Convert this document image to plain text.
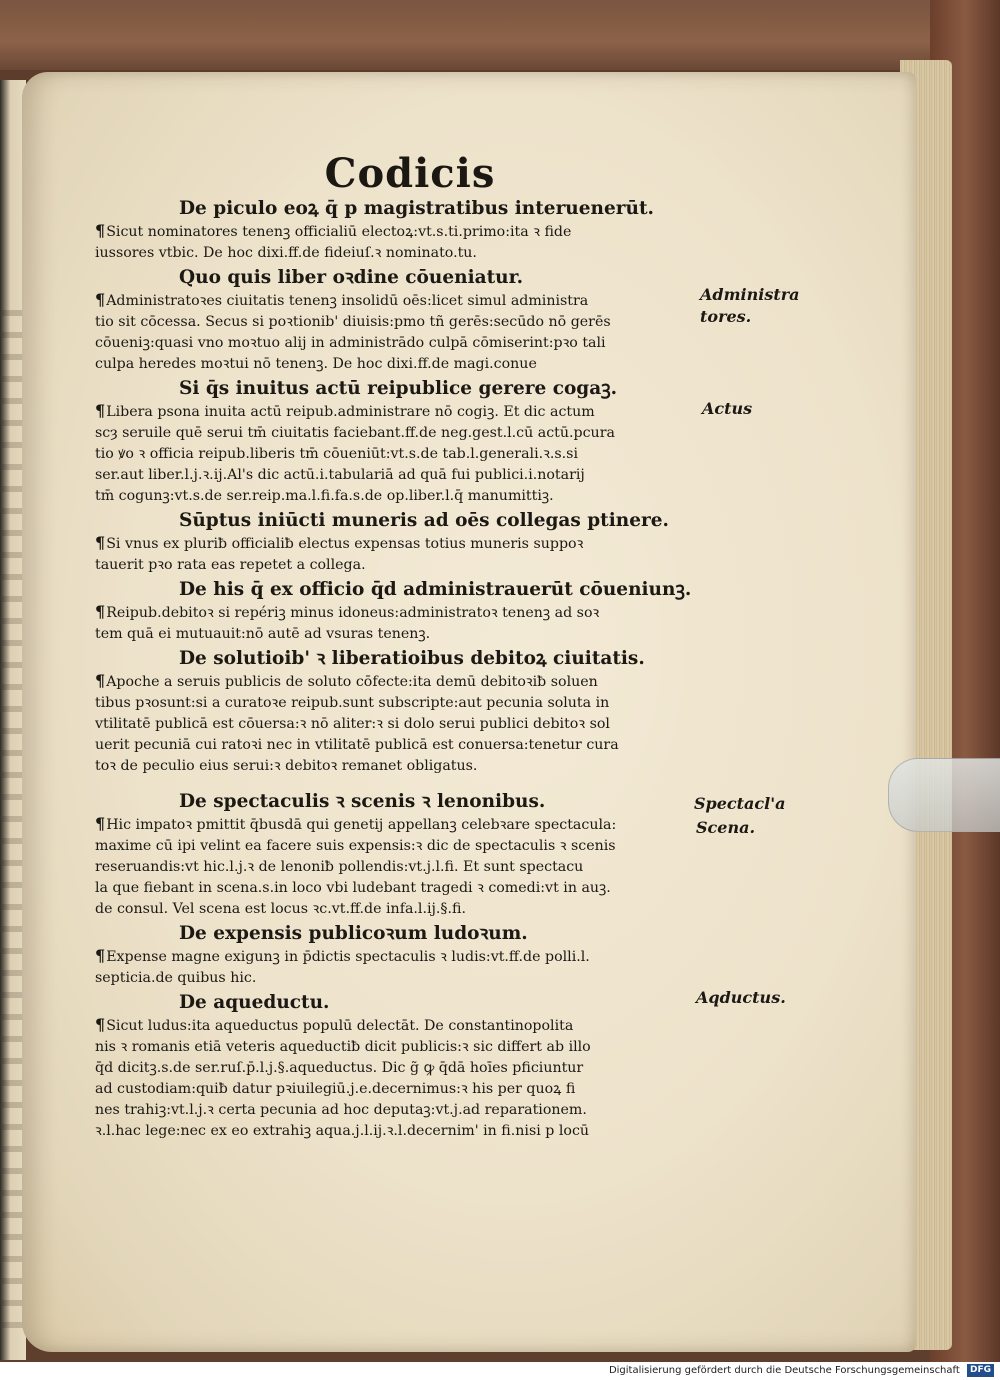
Codicis
De piculo eoꝝ q̄ p magistratibus interuenerūt.
¶Sicut nominatores tenenꝫ officialiū electoꝝ:vt.s.ti.primo:ita ꝛ fide
iussores vtbic. De hoc dixi.ff.de fideiuſ.ꝛ nominato.tu.
Quo quis liber oꝛdine cōueniatur.
¶Administratoꝛes ciuitatis tenenꝫ insolidū oēs:licet simul administra
tio sit cōcessa. Secus si poꝛtionib' diuisis:pmo tñ gerēs:secūdo nō gerēs
cōueniꝫ:quasi vno moꝛtuo alij in administrādo culpā cōmiserint:pꝛo tali
culpa heredes moꝛtui nō tenenꝫ. De hoc dixi.ff.de magi.conue
Si q̄s inuitus actū reipublice gerere cogaꝫ.
¶Libera psona inuita actū reipub.administrare nō cogiꝫ. Et dic actum
scȝ seruile quē serui tm̄ ciuitatis faciebant.ff.de neg.gest.l.cū actū.pcura
tio ꝟo ꝛ officia reipub.liberis tm̄ cōueniūt:vt.s.de tab.l.generali.ꝛ.s.si
ser.aut liber.l.j.ꝛ.ij.Al's dic actū.i.tabulariā ad quā fui publici.i.notarij
tm̄ cogunꝫ:vt.s.de ser.reip.ma.l.fi.fa.s.de op.liber.l.q̄ manumittiꝫ.
Sūptus iniūcti muneris ad oēs collegas ptinere.
¶Si vnus ex pluriƀ officialiƀ electus expensas totius muneris suppoꝛ
tauerit pꝛo rata eas repetet a collega.
De his q̄ ex officio q̄d administrauerūt cōueniunꝫ.
¶Reipub.debitoꝛ si repériꝫ minus idoneus:administratoꝛ tenenꝫ ad soꝛ
tem quā ei mutuauit:nō autē ad vsuras tenenꝫ.
De solutioib' ꝛ liberatioibus debitoꝝ ciuitatis.
¶Apoche a seruis publicis de soluto cōfecte:ita demū debitoꝛiƀ soluen
tibus pꝛosunt:si a curatoꝛe reipub.sunt subscripte:aut pecunia soluta in
vtilitatē publicā est cōuersa:ꝛ nō aliter:ꝛ si dolo serui publici debitoꝛ sol
uerit pecuniā cui ratoꝛi nec in vtilitatē publicā est conuersa:tenetur cura
toꝛ de peculio eius serui:ꝛ debitoꝛ remanet obligatus.
De spectaculis ꝛ scenis ꝛ lenonibus.
¶Hic impatoꝛ pmittit q̄busdā qui genetij appellanꝫ celebꝛare spectacula:
maxime cū ipi velint ea facere suis expensis:ꝛ dic de spectaculis ꝛ scenis
reseruandis:vt hic.l.j.ꝛ de lenoniƀ pollendis:vt.j.l.fi. Et sunt spectacu
la que fiebant in scena.s.in loco vbi ludebant tragedi ꝛ comedi:vt in auꝫ.
de consul. Vel scena est locus ꝛc.vt.ff.de infa.l.ij.§.fi.
De expensis publicoꝛum ludoꝛum.
¶Expense magne exigunꝫ in p̄dictis spectaculis ꝛ ludis:vt.ff.de polli.l.
septicia.de quibus hic.
De aqueductu.
¶Sicut ludus:ita aqueductus populū delectāt. De constantinopolita
nis ꝛ romanis etiā veteris aqueductiƀ dicit publicis:ꝛ sic differt ab illo
q̄d dicitꝫ.s.de ser.ruſ.p̄.l.j.§.aqueductus. Dic g̃ ꝙ q̄dā hoīes pficiuntur
ad custodiam:quiƀ datur pꝛiuilegiū.j.e.decernimus:ꝛ his per quoꝝ fi
nes trahiꝫ:vt.l.j.ꝛ certa pecunia ad hoc deputaꝫ:vt.j.ad reparationem.
ꝛ.l.hac lege:nec ex eo extrahiꝫ aqua.j.l.ij.ꝛ.l.decernim' in fi.nisi p locū
Administra tores.
Actus
Spectacl'a
Scena.
Aqductus.
Digitalisierung gefördert durch die Deutsche Forschungsgemeinschaft DFG
